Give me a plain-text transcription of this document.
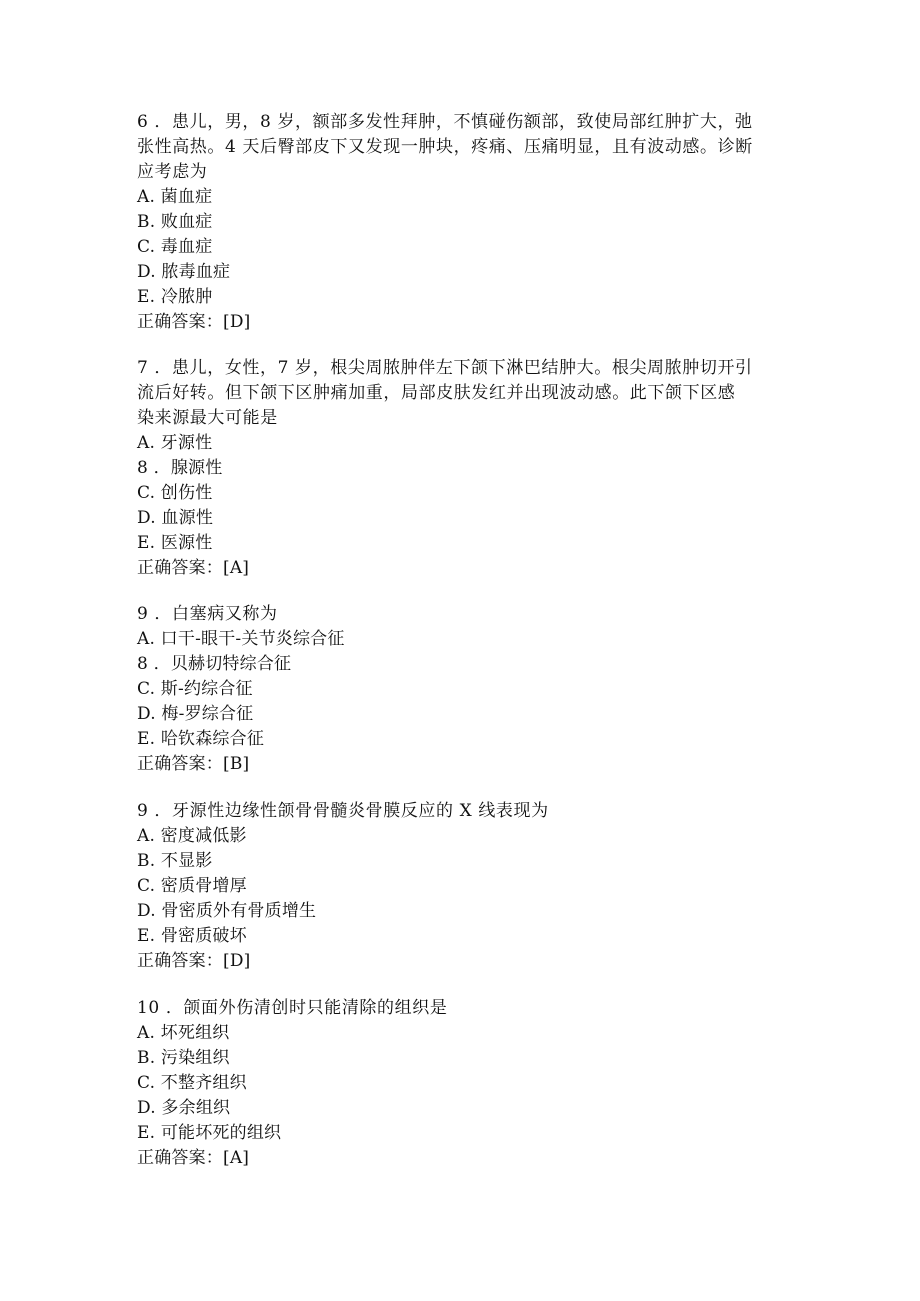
6 ．患儿，男，8 岁，额部多发性拜肿，不慎碰伤额部，致使局部红肿扩大，弛
张性高热。4 天后臀部皮下又发现一肿块，疼痛、压痛明显，且有波动感。诊断
应考虑为
A. 菌血症
B. 败血症
C. 毒血症
D. 脓毒血症
E. 冷脓肿
正确答案：[D]
7 ．患儿，女性，7 岁，根尖周脓肿伴左下颌下淋巴结肿大。根尖周脓肿切开引
流后好转。但下颌下区肿痛加重，局部皮肤发红并出现波动感。此下颌下区感
染来源最大可能是
A. 牙源性
8 ．腺源性
C. 创伤性
D. 血源性
E. 医源性
正确答案：[A]
9 ．白塞病又称为
A. 口干-眼干-关节炎综合征
8 ．贝赫切特综合征
C. 斯-约综合征
D. 梅-罗综合征
E. 哈钦森综合征
正确答案：[B]
9 ．牙源性边缘性颌骨骨髓炎骨膜反应的 X 线表现为
A. 密度减低影
B. 不显影
C. 密质骨增厚
D. 骨密质外有骨质增生
E. 骨密质破坏
正确答案：[D]
10 ．颌面外伤清创时只能清除的组织是
A. 坏死组织
B. 污染组织
C. 不整齐组织
D. 多余组织
E. 可能坏死的组织
正确答案：[A]
